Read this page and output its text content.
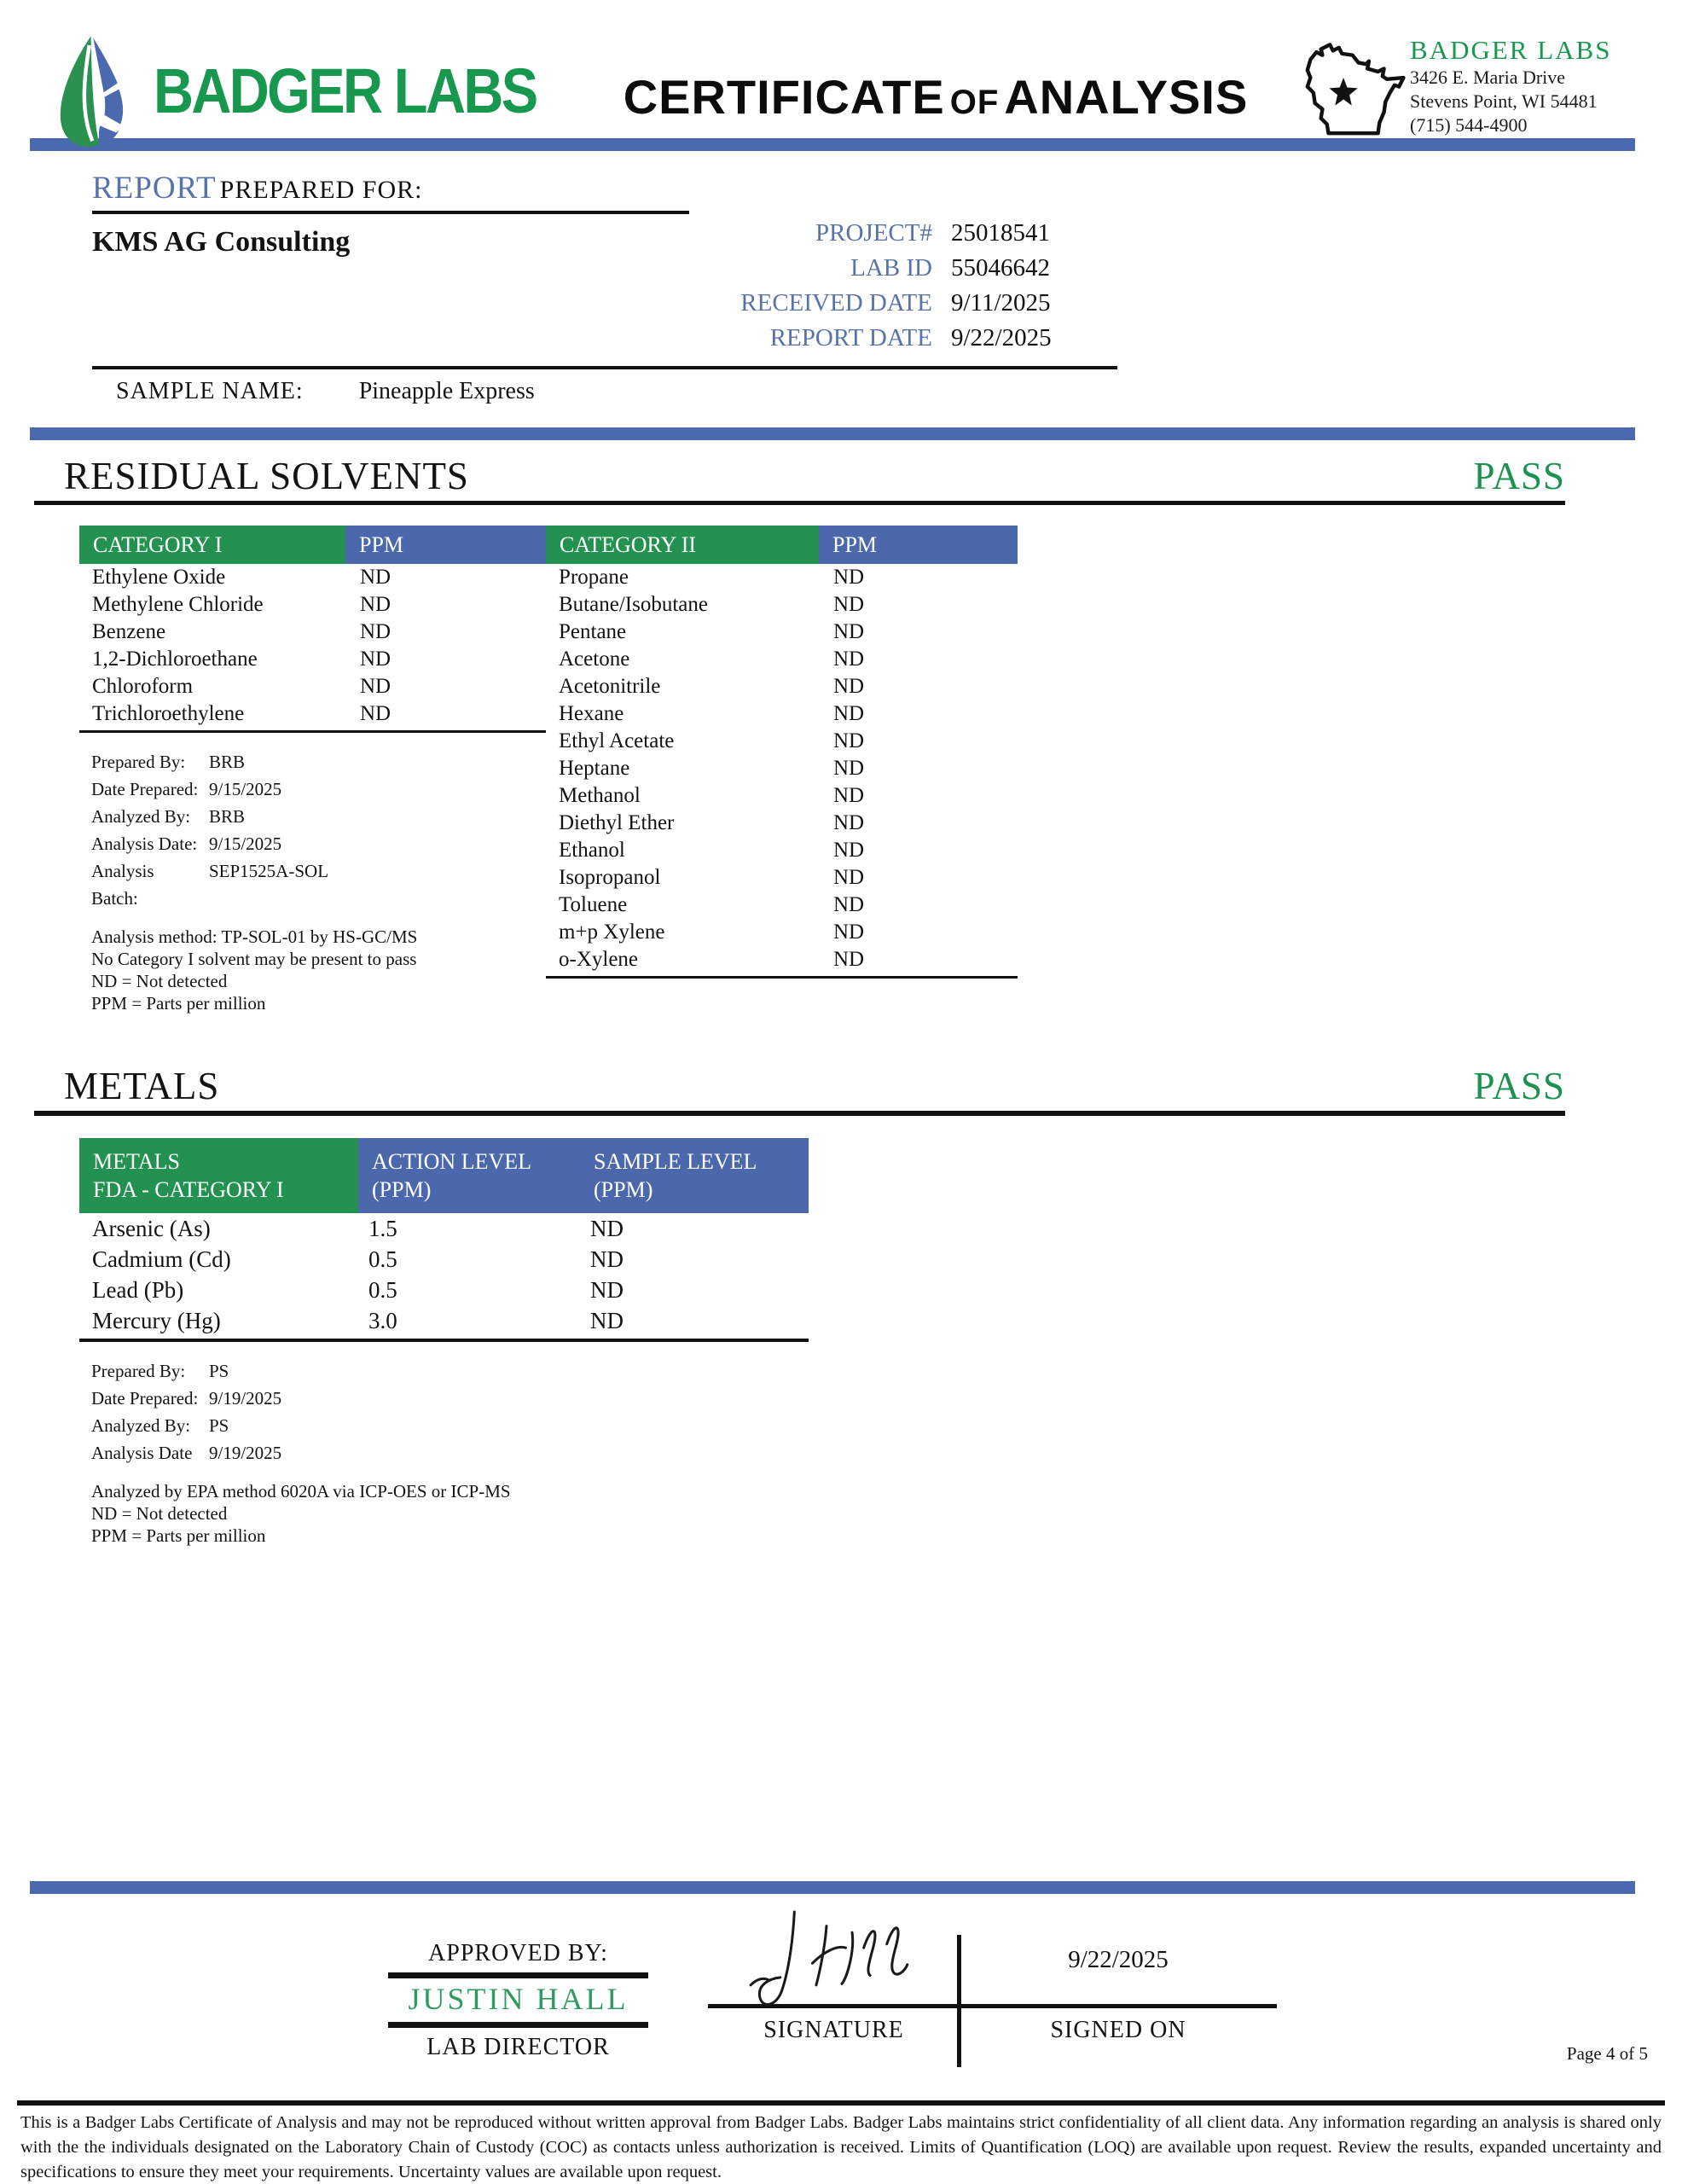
BADGER LABS	CERTIFICATE OF ANALYSIS
BADGER LABS
3426 E. Maria Drive
Stevens Point, WI 54481
(715) 544-4900
REPORT PREPARED FOR:
KMS AG Consulting	PROJECT# 25018541
LAB ID 55046642
RECEIVED DATE 9/11/2025
REPORT DATE 9/22/2025
SAMPLE NAME: Pineapple Express
RESIDUAL SOLVENTS	PASS
CATEGORY I	PPM
Ethylene Oxide	ND
Methylene Chloride	ND
Benzene	ND
1,2-Dichloroethane	ND
Chloroform	ND
Trichloroethylene	ND
Prepared By:	BRB
Date Prepared: 9/15/2025
Analyzed By:	BRB
Analysis Date: 9/15/2025
Analysis Batch:
SEP1525A-SOL
Analysis method: TP-SOL-01 by HS-GC/MS
No Category I solvent may be present to pass
ND = Not detected
PPM = Parts per million
CATEGORY II	PPM
Propane	ND
Butane/Isobutane	ND
Pentane	ND
Acetone	ND
Acetonitrile	ND
Hexane	ND
Ethyl Acetate	ND
Heptane	ND
Methanol	ND
Diethyl Ether	ND
Ethanol	ND
Isopropanol	ND
Toluene	ND
m+p Xylene	ND
o-Xylene	ND
METALS	PASS
METALS
FDA - CATEGORY I
ACTION LEVEL
(PPM)
SAMPLE LEVEL
(PPM)
Arsenic (As)	1.5	ND
Cadmium (Cd)	0.5	ND
Lead (Pb)	0.5	ND
Mercury (Hg)	3.0	ND
Prepared By:	PS
Date Prepared: 9/19/2025
Analyzed By:	PS
Analysis Date 9/19/2025
Analyzed by EPA method 6020A via ICP-OES or ICP-MS
ND = Not detected
PPM = Parts per million
APPROVED BY:
JUSTIN HALL
LAB DIRECTOR
SIGNATURE
9/22/2025
SIGNED ON
Page 4 of 5
This is a Badger Labs Certificate of Analysis and may not be reproduced without written approval from Badger Labs. Badger Labs maintains strict confidentiality of all client data. Any information regarding an analysis is shared only with the the individuals designated on the Laboratory Chain of Custody (COC) as contacts unless authorization is received. Limits of Quantification (LOQ) are available upon request. Review the results, expanded uncertainty and specifications to ensure they meet your requirements. Uncertainty values are available upon request.
